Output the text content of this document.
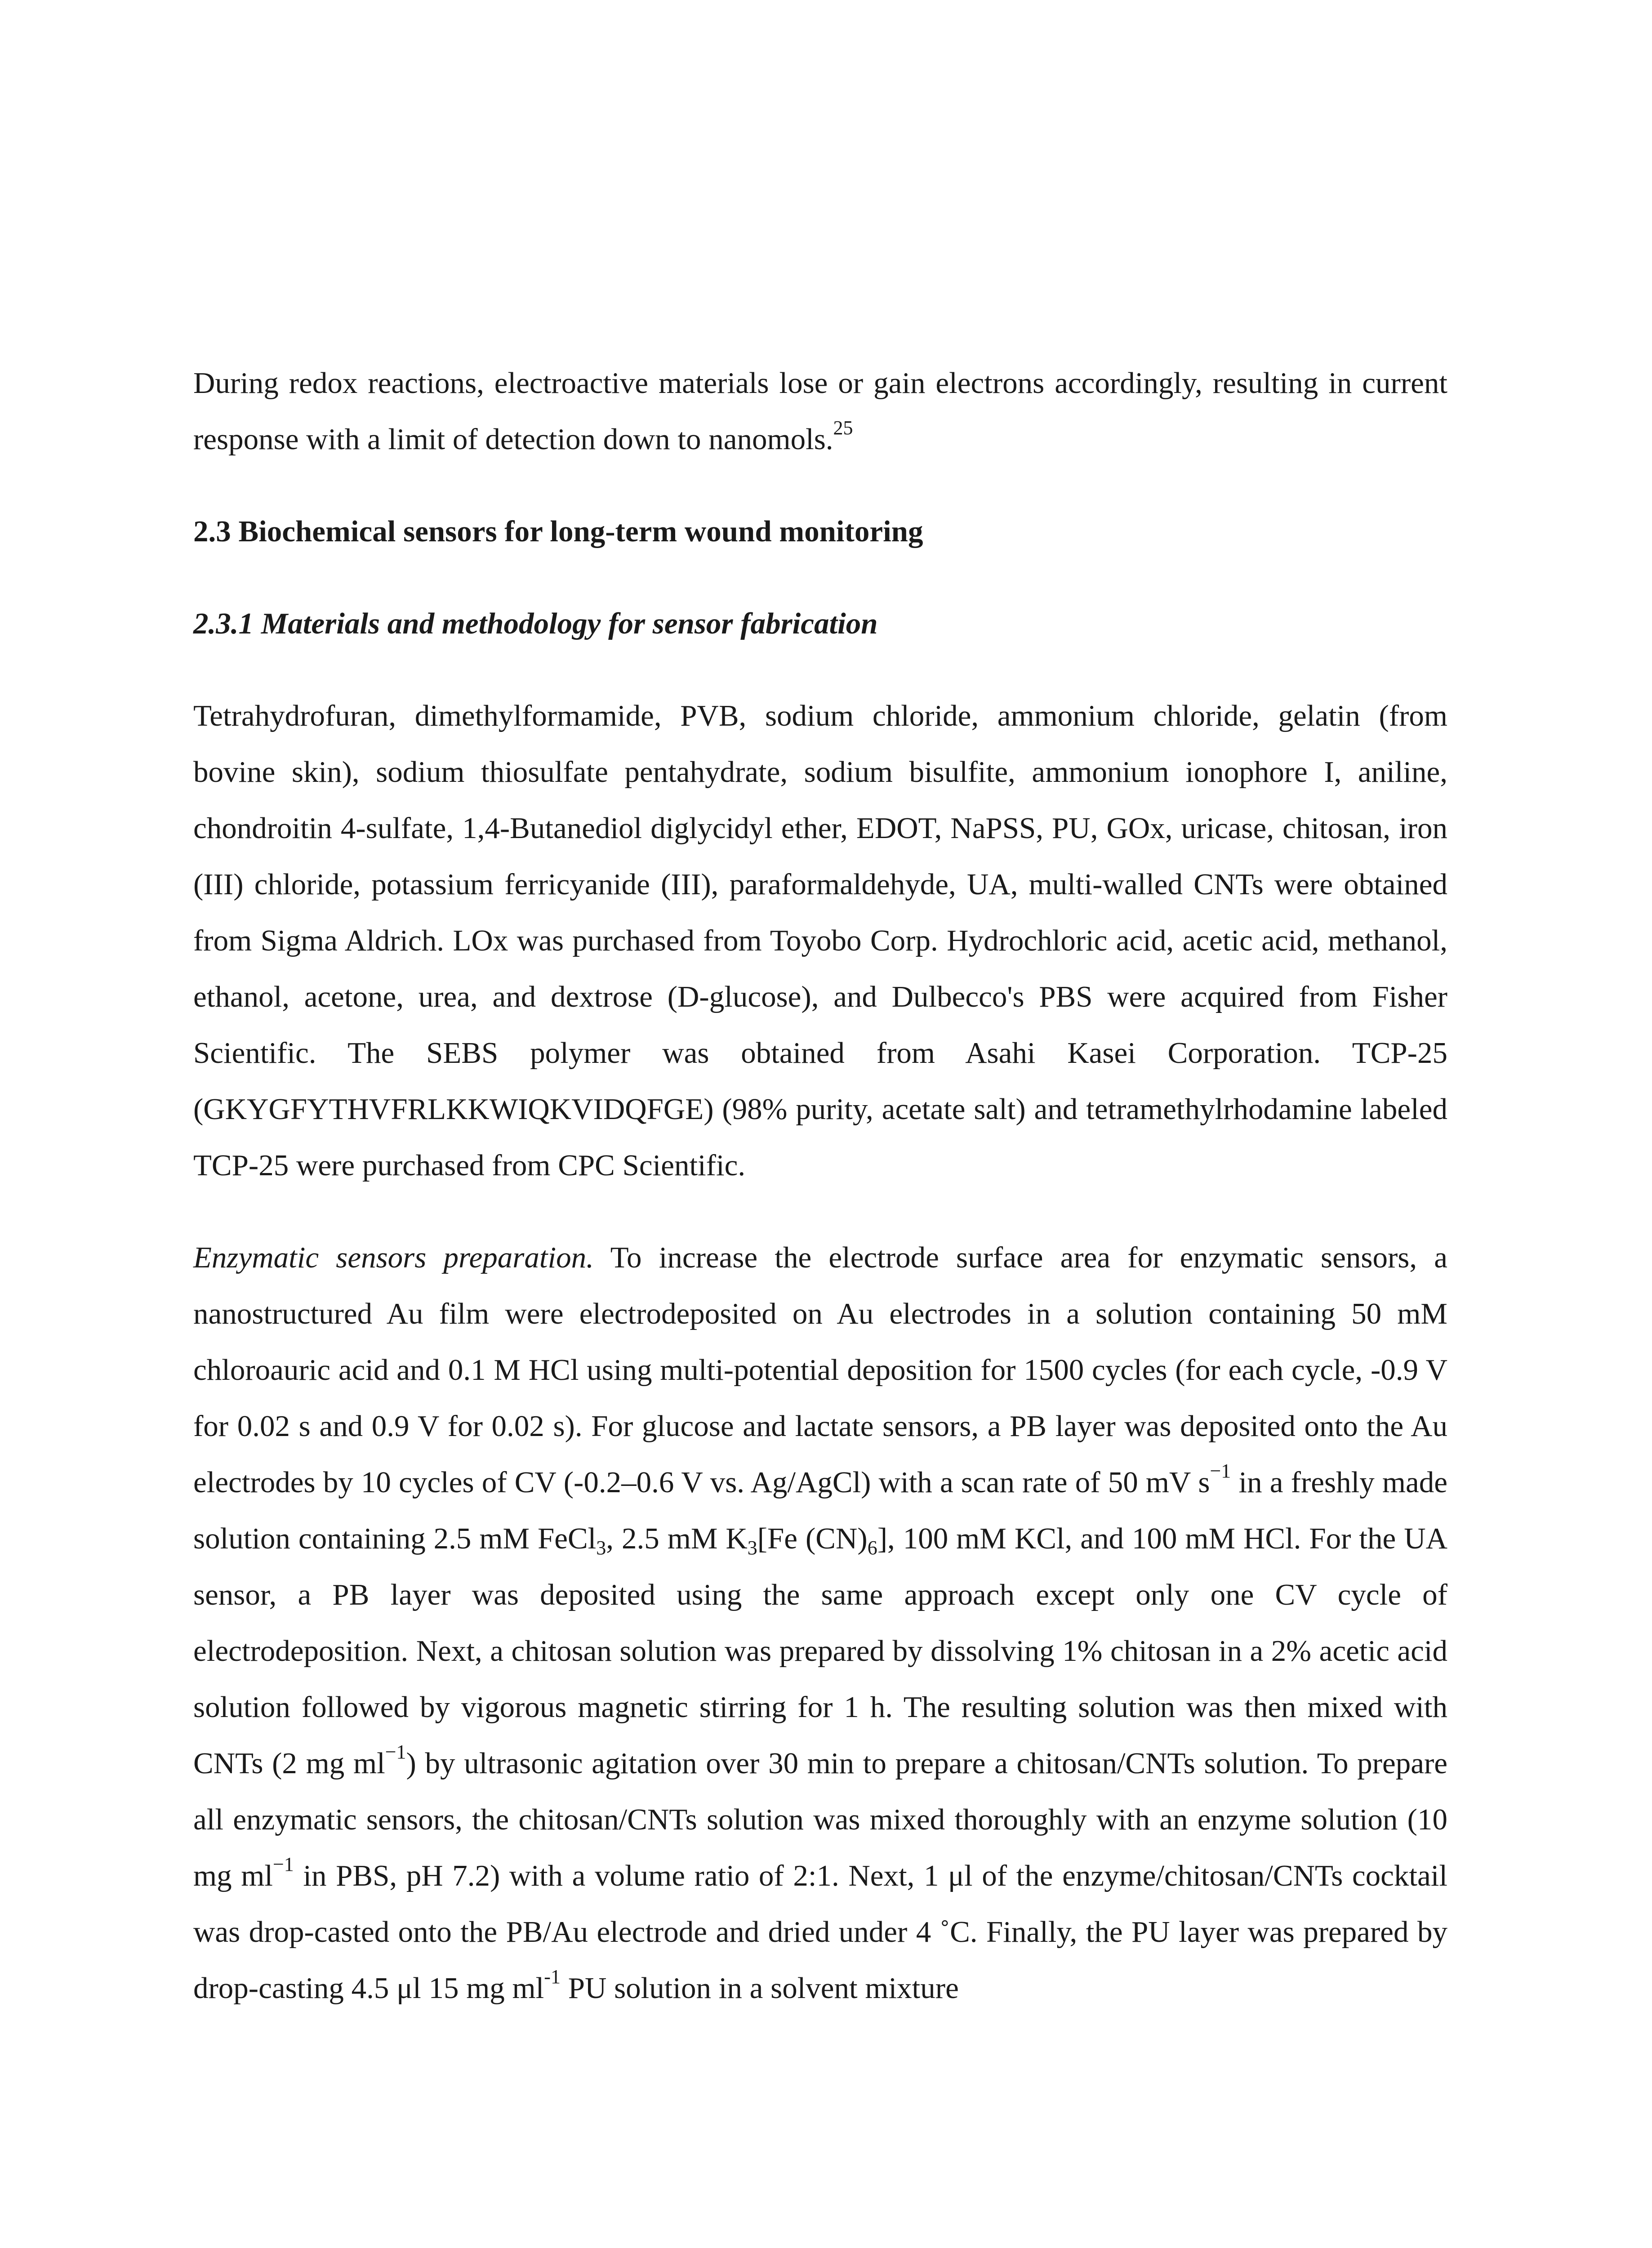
During redox reactions, electroactive materials lose or gain electrons accordingly, resulting in current response with a limit of detection down to nanomols.$^{25}$

2.3 Biochemical sensors for long-term wound monitoring
2.3.1 Materials and methodology for sensor fabrication

Tetrahydrofuran, dimethylformamide, PVB, sodium chloride, ammonium chloride, gelatin (from bovine skin), sodium thiosulfate pentahydrate, sodium bisulfite, ammonium ionophore I, aniline, chondroitin 4-sulfate, 1,4-Butanediol diglycidyl ether, EDOT, NaPSS, PU, GOx, uricase, chitosan, iron (III) chloride, potassium ferricyanide (III), paraformaldehyde, UA, multi-walled CNTs were obtained from Sigma Aldrich. LOx was purchased from Toyobo Corp. Hydrochloric acid, acetic acid, methanol, ethanol, acetone, urea, and dextrose (D-glucose), and Dulbecco's PBS were acquired from Fisher Scientific. The SEBS polymer was obtained from Asahi Kasei Corporation. TCP-25 (GKYGFYTHVFRLKKWIQKVIDQFGE) (98% purity, acetate salt) and tetramethylrhodamine labeled TCP-25 were purchased from CPC Scientific.

Enzymatic sensors preparation. To increase the electrode surface area for enzymatic sensors, a nanostructured Au film were electrodeposited on Au electrodes in a solution containing 50 mM chloroauric acid and 0.1 M HCl using multi-potential deposition for 1500 cycles (for each cycle, -0.9 V for 0.02 s and 0.9 V for 0.02 s). For glucose and lactate sensors, a PB layer was deposited onto the Au electrodes by 10 cycles of CV (-0.2–0.6 V vs. Ag/AgCl) with a scan rate of 50 mV $s^{-1}$ in a freshly made solution containing 2.5 mM FeCl$_3$, 2.5 mM $K_3[Fe$ $(CN)_6$], 100 mM KCl, and 100 mM HCl. For the UA sensor, a PB layer was deposited using the same approach except only one CV cycle of electrodeposition. Next, a chitosan solution was prepared by dissolving 1% chitosan in a 2% acetic acid solution followed by vigorous magnetic stirring for 1 h. The resulting solution was then mixed with CNTs (2 mg $ml^{-1}$) by ultrasonic agitation over 30 min to prepare a chitosan/CNTs solution. To prepare all enzymatic sensors, the chitosan/CNTs solution was mixed thoroughly with an enzyme solution (10 mg $ml^{-1}$ in PBS, pH 7.2) with a volume ratio of 2:1. Next, 1 μl of the enzyme/chitosan/CNTs cocktail was drop-casted onto the PB/Au electrode and dried under 4 ˚C. Finally, the PU layer was prepared by drop-casting 4.5 μl 15 mg $ml^{-1}$ PU solution in a solvent mixture
